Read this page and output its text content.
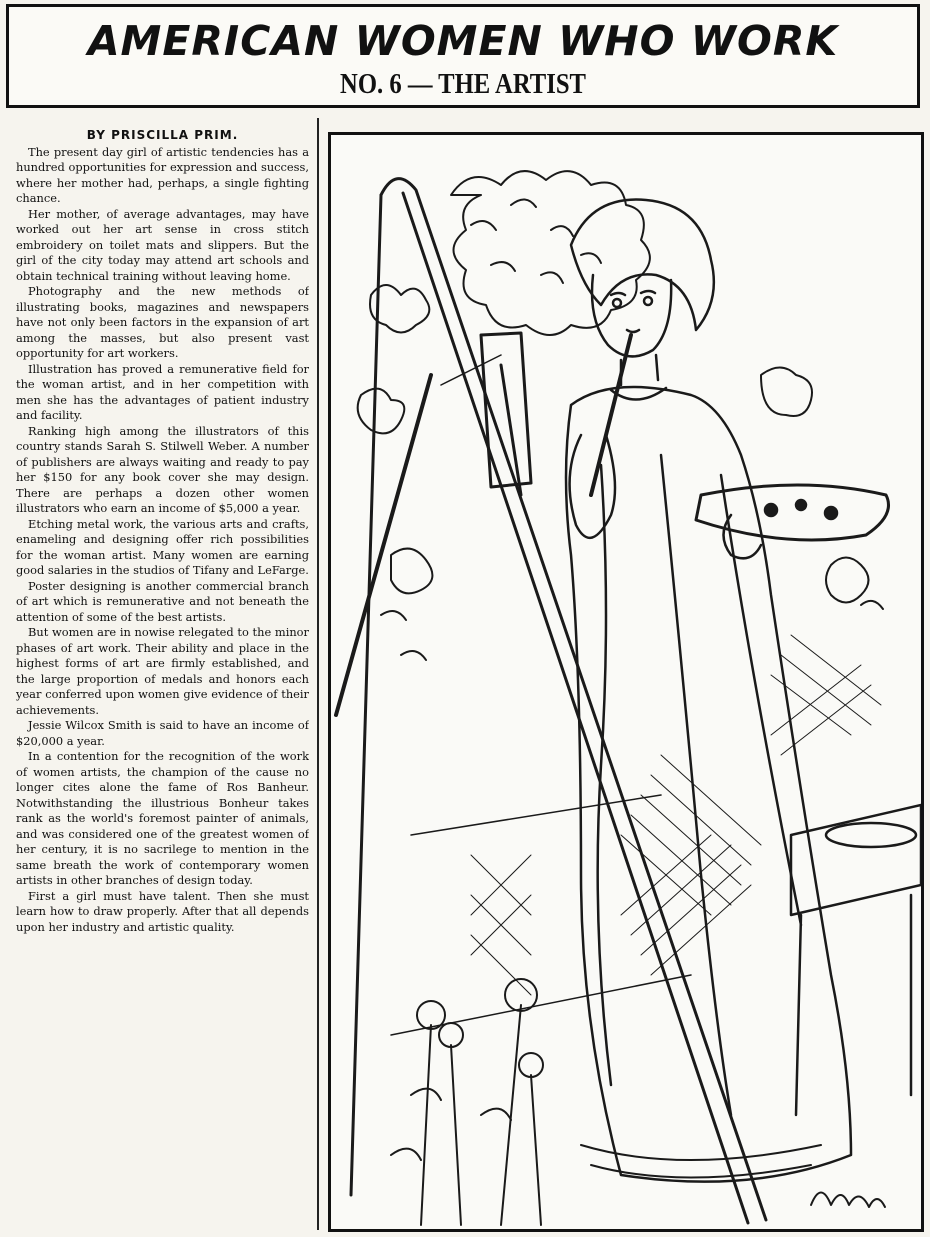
AMERICAN WOMEN WHO WORK
NO. 6 — THE ARTIST
BY PRISCILLA PRIM.

The present day girl of artistic tendencies has a hundred opportunities for expression and success, where her mother had, perhaps, a single fighting chance.

Her mother, of average advantages, may have worked out her art sense in cross stitch embroidery on toilet mats and slippers. But the girl of the city today may attend art schools and obtain technical training without leaving home.

Photography and the new methods of illustrating books, magazines and newspapers have not only been factors in the expansion of art among the masses, but also present vast opportunity for art workers.

Illustration has proved a remunerative field for the woman artist, and in her competition with men she has the advantages of patient industry and facility.

Ranking high among the illustrators of this country stands Sarah S. Stilwell Weber. A number of publishers are always waiting and ready to pay her $150 for any book cover she may design. There are perhaps a dozen other women illustrators who earn an income of $5,000 a year.

Etching metal work, the various arts and crafts, enameling and designing offer rich possibilities for the woman artist. Many women are earning good salaries in the studios of Tifany and LeFarge.

Poster designing is another commercial branch of art which is remunerative and not beneath the attention of some of the best artists.

But women are in nowise relegated to the minor phases of art work. Their ability and place in the highest forms of art are firmly established, and the large proportion of medals and honors each year conferred upon women give evidence of their achievements.

Jessie Wilcox Smith is said to have an income of $20,000 a year.

In a contention for the recognition of the work of women artists, the champion of the cause no longer cites alone the fame of Ros Banheur. Notwithstanding the illustrious Bonheur takes rank as the world's foremost painter of animals, and was considered one of the greatest women of her century, it is no sacrilege to mention in the same breath the work of contemporary women artists in other branches of design today.

First a girl must have talent. Then she must learn how to draw properly. After that all depends upon her industry and artistic quality.
